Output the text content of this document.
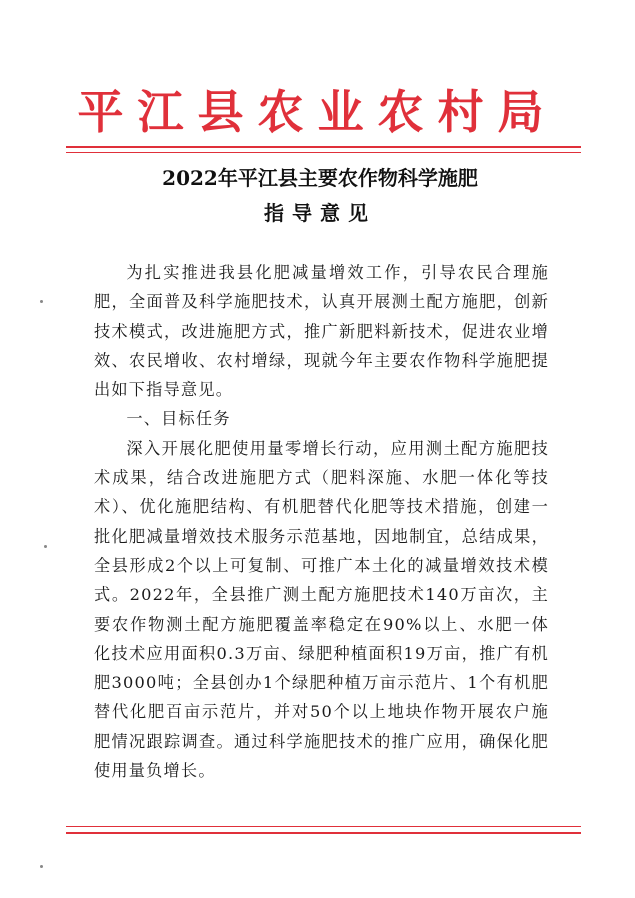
平江县农业农村局
2022年平江县主要农作物科学施肥
指导意见

为扎实推进我县化肥减量增效工作，引导农民合理施肥，全面普及科学施肥技术，认真开展测土配方施肥，创新技术模式，改进施肥方式，推广新肥料新技术，促进农业增效、农民增收、农村增绿，现就今年主要农作物科学施肥提出如下指导意见。

一、目标任务

深入开展化肥使用量零增长行动，应用测土配方施肥技术成果，结合改进施肥方式（肥料深施、水肥一体化等技术）、优化施肥结构、有机肥替代化肥等技术措施，创建一批化肥减量增效技术服务示范基地，因地制宜，总结成果，全县形成2个以上可复制、可推广本土化的减量增效技术模式。2022年，全县推广测土配方施肥技术140万亩次，主要农作物测土配方施肥覆盖率稳定在90%以上、水肥一体化技术应用面积0.3万亩、绿肥种植面积19万亩，推广有机肥3000吨；全县创办1个绿肥种植万亩示范片、1个有机肥替代化肥百亩示范片，并对50个以上地块作物开展农户施肥情况跟踪调查。通过科学施肥技术的推广应用，确保化肥使用量负增长。
